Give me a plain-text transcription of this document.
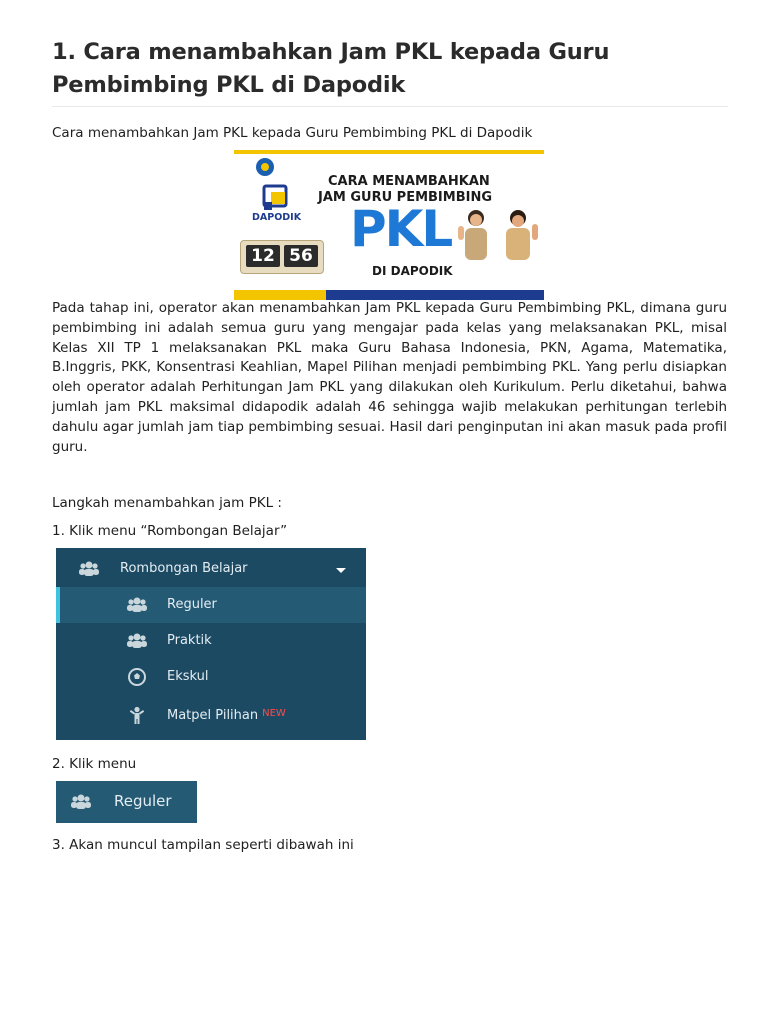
1. Cara menambahkan Jam PKL kepada Guru Pembimbing PKL di Dapodik
Cara menambahkan Jam PKL kepada Guru Pembimbing PKL di Dapodik
DAPODIK
CARA MENAMBAHKAN
JAM GURU PEMBIMBING
PKL
12 56
DI DAPODIK

Pada tahap ini, operator akan menambahkan Jam PKL kepada Guru Pembimbing PKL, dimana guru pembimbing ini adalah semua guru yang mengajar pada kelas yang melaksanakan PKL, misal Kelas XII TP 1 melaksanakan PKL maka Guru Bahasa Indonesia, PKN, Agama, Matematika, B.Inggris, PKK, Konsentrasi Keahlian, Mapel Pilihan menjadi pembimbing PKL. Yang perlu disiapkan oleh operator adalah Perhitungan Jam PKL yang dilakukan oleh Kurikulum. Perlu diketahui, bahwa jumlah jam PKL maksimal didapodik adalah 46 sehingga wajib melakukan perhitungan terlebih dahulu agar jumlah jam tiap pembimbing sesuai. Hasil dari penginputan ini akan masuk pada profil guru.

Langkah menambahkan jam PKL :
1. Klik menu “Rombongan Belajar”
Rombongan Belajar
Reguler
Praktik
Ekskul
Matpel Pilihan $^{NEW}$
2. Klik menu
Reguler
3. Akan muncul tampilan seperti dibawah ini
